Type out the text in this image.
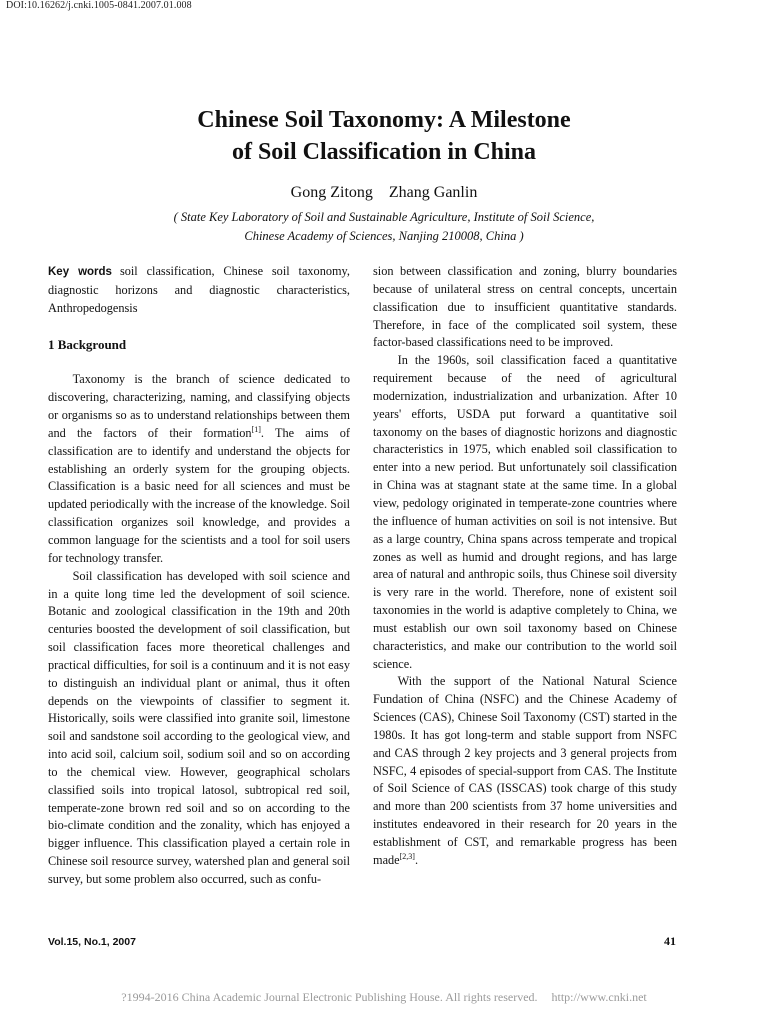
DOI:10.16262/j.cnki.1005-0841.2007.01.008
Chinese Soil Taxonomy: A Milestone
of Soil Classification in China
Gong Zitong Zhang Ganlin
( State Key Laboratory of Soil and Sustainable Agriculture, Institute of Soil Science,
Chinese Academy of Sciences, Nanjing 210008, China )

Key words soil classification, Chinese soil taxonomy, diagnostic horizons and diagnostic characteristics, Anthropedogensis

1 Background

Taxonomy is the branch of science dedicated to discovering, characterizing, naming, and classifying objects or organisms so as to understand relationships between them and the factors of their formation[1]. The aims of classification are to identify and understand the objects for establishing an orderly system for the grouping objects. Classification is a basic need for all sciences and must be updated periodically with the increase of the knowledge. Soil classification organizes soil knowledge, and provides a common language for the scientists and a tool for soil users for technology transfer.

Soil classification has developed with soil science and in a quite long time led the development of soil science. Botanic and zoological classification in the 19th and 20th centuries boosted the development of soil classification, but soil classification faces more theoretical challenges and practical difficulties, for soil is a continuum and it is not easy to distinguish an individual plant or animal, thus it often depends on the viewpoints of classifier to segment it. Historically, soils were classified into granite soil, limestone soil and sandstone soil according to the geological view, and into acid soil, calcium soil, sodium soil and so on according to the chemical view. However, geographical scholars classified soils into tropical latosol, subtropical red soil, temperate-zone brown red soil and so on according to the bio-climate condition and the zonality, which has enjoyed a bigger influence. This classification played a certain role in Chinese soil resource survey, watershed plan and general soil survey, but some problem also occurred, such as confu-

sion between classification and zoning, blurry boundaries because of unilateral stress on central concepts, uncertain classification due to insufficient quantitative standards. Therefore, in face of the complicated soil system, these factor-based classifications need to be improved.

In the 1960s, soil classification faced a quantitative requirement because of the need of agricultural modernization, industrialization and urbanization. After 10 years' efforts, USDA put forward a quantitative soil taxonomy on the bases of diagnostic horizons and diagnostic characteristics in 1975, which enabled soil classification to enter into a new period. But unfortunately soil classification in China was at stagnant state at the same time. In a global view, pedology originated in temperate-zone countries where the influence of human activities on soil is not intensive. But as a large country, China spans across temperate and tropical zones as well as humid and drought regions, and has large area of natural and anthropic soils, thus Chinese soil diversity is very rare in the world. Therefore, none of existent soil taxonomies in the world is adaptive completely to China, we must establish our own soil taxonomy based on Chinese characteristics, and make our contribution to the world soil science.

With the support of the National Natural Science Fundation of China (NSFC) and the Chinese Academy of Sciences (CAS), Chinese Soil Taxonomy (CST) started in the 1980s. It has got long-term and stable support from NSFC and CAS through 2 key projects and 3 general projects from NSFC, 4 episodes of special-support from CAS. The Institute of Soil Science of CAS (ISSCAS) took charge of this study and more than 200 scientists from 37 home universities and institutes endeavored in their research for 20 years in the establishment of CST, and remarkable progress has been made[2,3].

Vol.15, No.1, 2007	41
?1994-2016 China Academic Journal Electronic Publishing House. All rights reserved. http://www.cnki.net
